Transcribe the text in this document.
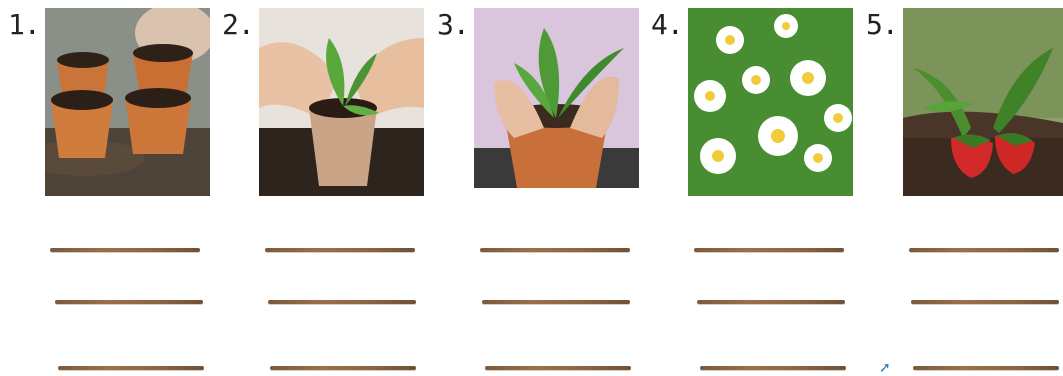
1.	2.	3.	4.	5.
➚
